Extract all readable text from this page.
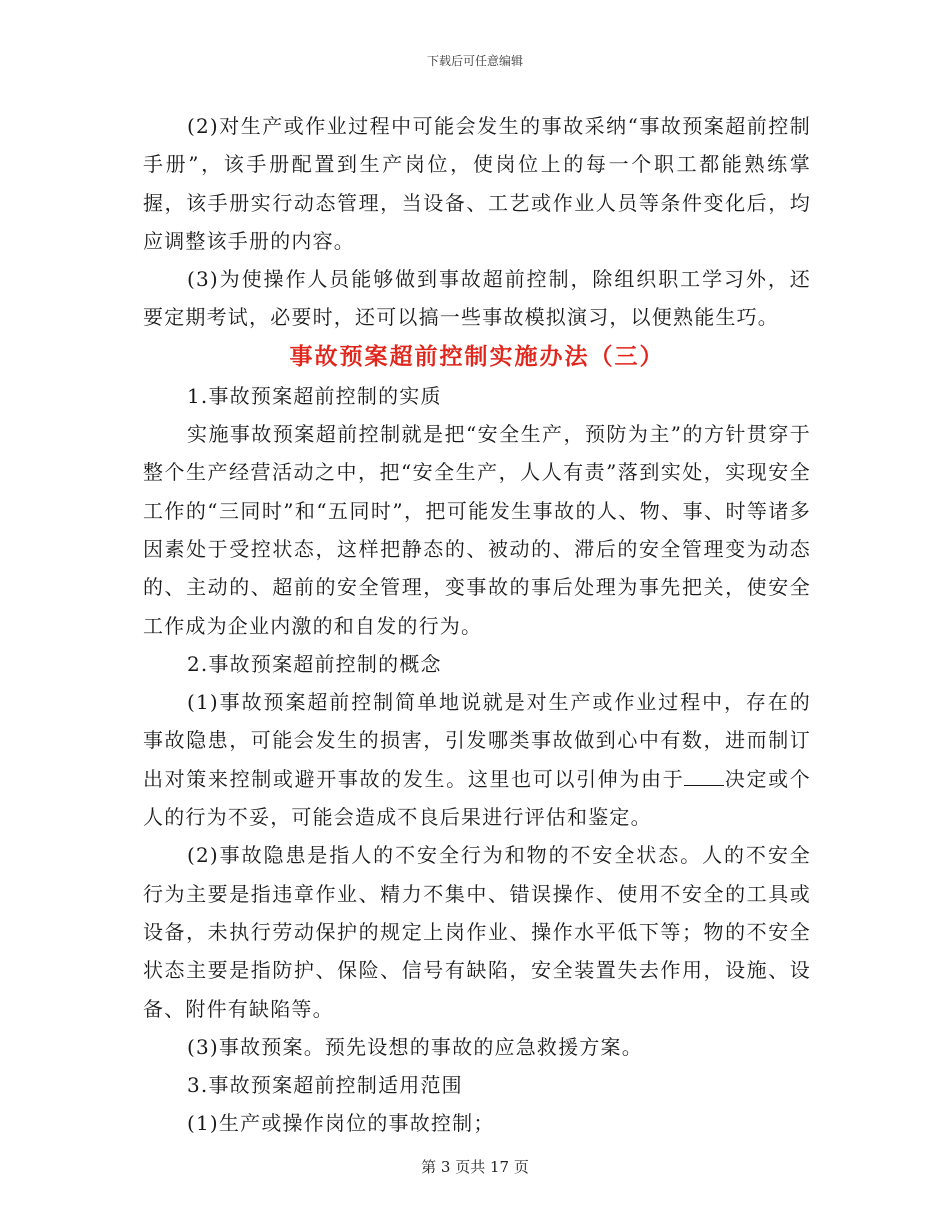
下载后可任意编辑

(2)对生产或作业过程中可能会发生的事故采纳“事故预案超前控制手册”，该手册配置到生产岗位，使岗位上的每一个职工都能熟练掌握，该手册实行动态管理，当设备、工艺或作业人员等条件变化后，均应调整该手册的内容。

(3)为使操作人员能够做到事故超前控制，除组织职工学习外，还要定期考试，必要时，还可以搞一些事故模拟演习，以便熟能生巧。

事故预案超前控制实施办法（三）

1.事故预案超前控制的实质

实施事故预案超前控制就是把“安全生产，预防为主”的方针贯穿于整个生产经营活动之中，把“安全生产，人人有责”落到实处，实现安全工作的“三同时”和“五同时”，把可能发生事故的人、物、事、时等诸多因素处于受控状态，这样把静态的、被动的、滞后的安全管理变为动态的、主动的、超前的安全管理，变事故的事后处理为事先把关，使安全工作成为企业内激的和自发的行为。

2.事故预案超前控制的概念

(1)事故预案超前控制简单地说就是对生产或作业过程中，存在的事故隐患，可能会发生的损害，引发哪类事故做到心中有数，进而制订出对策来控制或避开事故的发生。这里也可以引伸为由于 决定或个人的行为不妥，可能会造成不良后果进行评估和鉴定。

(2)事故隐患是指人的不安全行为和物的不安全状态。人的不安全行为主要是指违章作业、精力不集中、错误操作、使用不安全的工具或设备，未执行劳动保护的规定上岗作业、操作水平低下等；物的不安全状态主要是指防护、保险、信号有缺陷，安全装置失去作用，设施、设备、附件有缺陷等。

(3)事故预案。预先设想的事故的应急救援方案。

3.事故预案超前控制适用范围

(1)生产或操作岗位的事故控制；

第 3 页共 17 页
